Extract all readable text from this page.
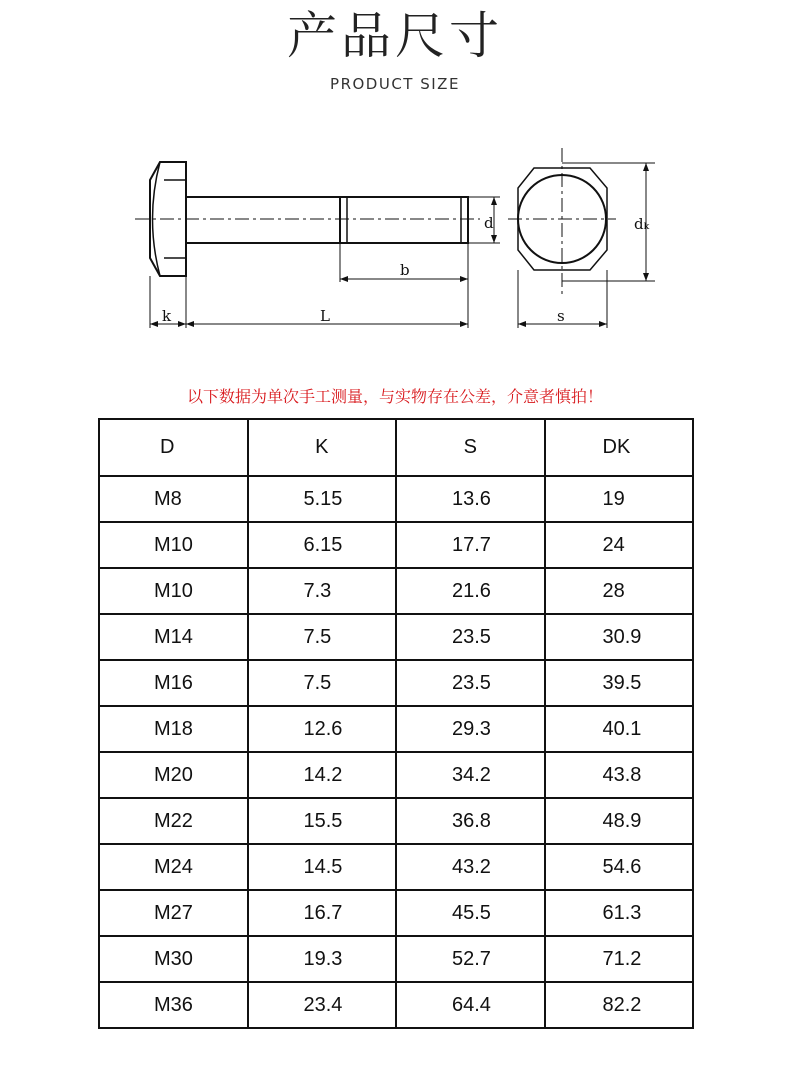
产品尺寸
PRODUCT SIZE
d
b
k	L
dₖ
s
以下数据为单次手工测量，与实物存在公差，介意者慎拍！
D	K	S	DK
M8	5.15	13.6	19
M10	6.15	17.7	24
M10	7.3	21.6	28
M14	7.5	23.5	30.9
M16	7.5	23.5	39.5
M18	12.6	29.3	40.1
M20	14.2	34.2	43.8
M22	15.5	36.8	48.9
M24	14.5	43.2	54.6
M27	16.7	45.5	61.3
M30	19.3	52.7	71.2
M36	23.4	64.4	82.2
